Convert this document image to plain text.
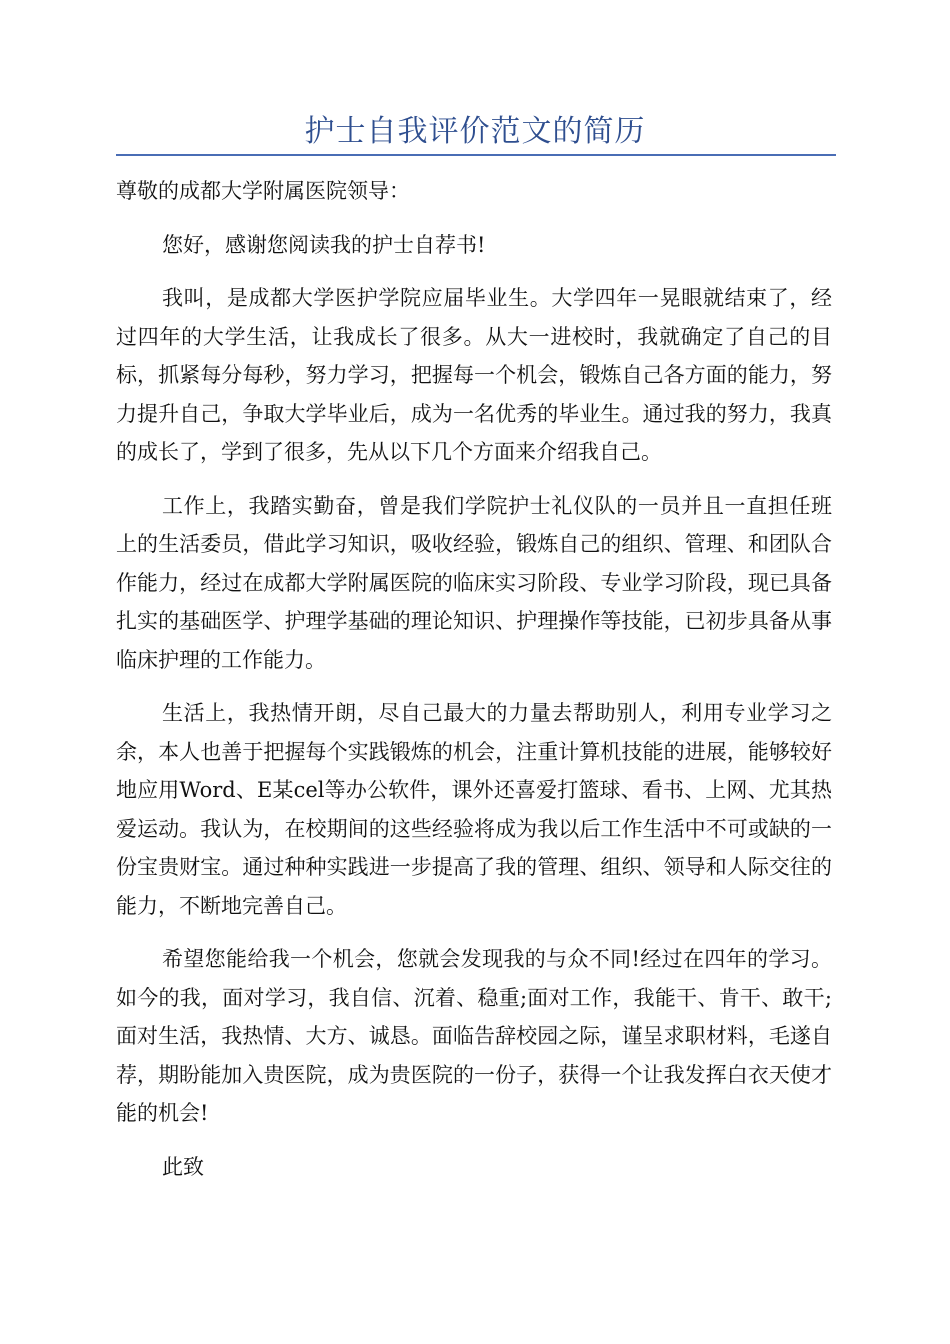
护士自我评价范文的简历

尊敬的成都大学附属医院领导：

您好，感谢您阅读我的护士自荐书!

我叫，是成都大学医护学院应届毕业生。大学四年一晃眼就结束了，经过四年的大学生活，让我成长了很多。从大一进校时，我就确定了自己的目标，抓紧每分每秒，努力学习，把握每一个机会，锻炼自己各方面的能力，努力提升自己，争取大学毕业后，成为一名优秀的毕业生。通过我的努力，我真的成长了，学到了很多，先从以下几个方面来介绍我自己。

工作上，我踏实勤奋，曾是我们学院护士礼仪队的一员并且一直担任班上的生活委员，借此学习知识，吸收经验，锻炼自己的组织、管理、和团队合作能力，经过在成都大学附属医院的临床实习阶段、专业学习阶段，现已具备扎实的基础医学、护理学基础的理论知识、护理操作等技能，已初步具备从事临床护理的工作能力。

生活上，我热情开朗，尽自己最大的力量去帮助别人，利用专业学习之余，本人也善于把握每个实践锻炼的机会，注重计算机技能的进展，能够较好地应用Word、E某cel等办公软件，课外还喜爱打篮球、看书、上网、尤其热爱运动。我认为，在校期间的这些经验将成为我以后工作生活中不可或缺的一份宝贵财宝。通过种种实践进一步提高了我的管理、组织、领导和人际交往的能力，不断地完善自己。

希望您能给我一个机会，您就会发现我的与众不同!经过在四年的学习。如今的我，面对学习，我自信、沉着、稳重;面对工作，我能干、肯干、敢干;面对生活，我热情、大方、诚恳。面临告辞校园之际，谨呈求职材料，毛遂自荐，期盼能加入贵医院，成为贵医院的一份子，获得一个让我发挥白衣天使才能的机会!

此致
